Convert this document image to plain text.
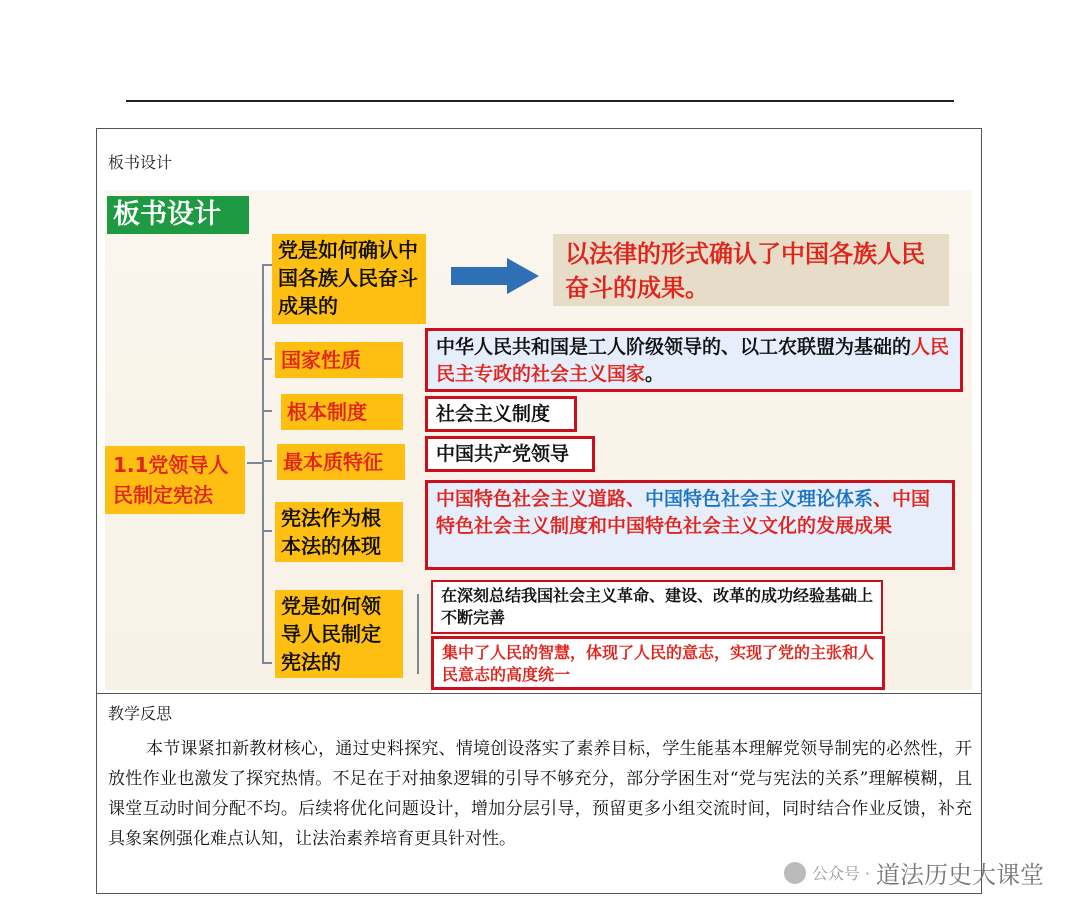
板书设计
板书设计
1.1党领导人民制定宪法
党是如何确认中国各族人民奋斗成果的
以法律的形式确认了中国各族人民奋斗的成果。
国家性质
中华人民共和国是工人阶级领导的、以工农联盟为基础的人民民主专政的社会主义国家。
根本制度	社会主义制度
最本质特征	中国共产党领导
宪法作为根本法的体现
中国特色社会主义道路、中国特色社会主义理论体系、中国特色社会主义制度和中国特色社会主义文化的发展成果
党是如何领导人民制定宪法的
在深刻总结我国社会主义革命、建设、改革的成功经验基础上不断完善
集中了人民的智慧，体现了人民的意志，实现了党的主张和人民意志的高度统一
教学反思
本节课紧扣新教材核心，通过史料探究、情境创设落实了素养目标，学生能基本理解党领导制宪的必然性，开放性作业也激发了探究热情。不足在于对抽象逻辑的引导不够充分，部分学困生对“党与宪法的关系”理解模糊，且课堂互动时间分配不均。后续将优化问题设计，增加分层引导，预留更多小组交流时间，同时结合作业反馈，补充具象案例强化难点认知，让法治素养培育更具针对性。
公众号 · 道法历史大课堂
